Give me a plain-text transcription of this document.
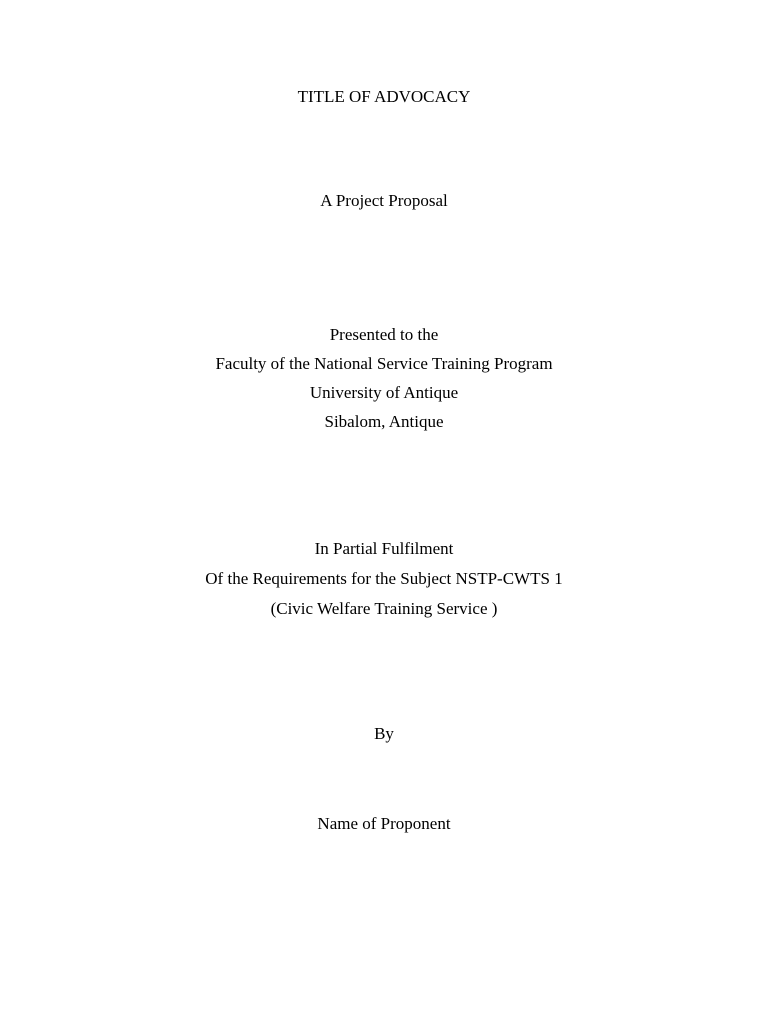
TITLE OF ADVOCACY
A Project Proposal
Presented to the
Faculty of the National Service Training Program
University of Antique
Sibalom, Antique
In Partial Fulfilment
Of the Requirements for the Subject NSTP-CWTS 1
(Civic Welfare Training Service )
By
Name of Proponent
